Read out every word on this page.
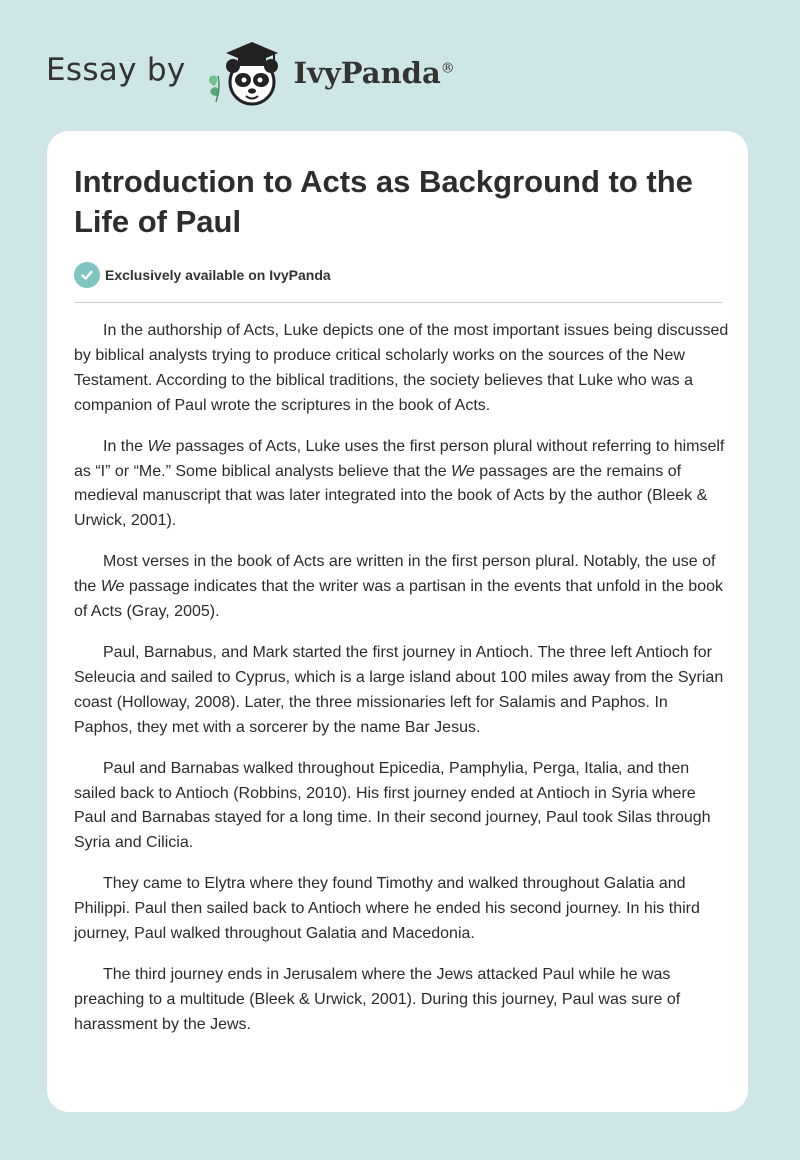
Essay by	IvyPanda®
Introduction to Acts as Background to the Life of Paul
Exclusively available on IvyPanda

In the authorship of Acts, Luke depicts one of the most important issues being discussed by biblical analysts trying to produce critical scholarly works on the sources of the New Testament. According to the biblical traditions, the society believes that Luke who was a companion of Paul wrote the scriptures in the book of Acts.

In the We passages of Acts, Luke uses the first person plural without referring to himself as “I” or “Me.” Some biblical analysts believe that the We passages are the remains of medieval manuscript that was later integrated into the book of Acts by the author (Bleek & Urwick, 2001).

Most verses in the book of Acts are written in the first person plural. Notably, the use of the We passage indicates that the writer was a partisan in the events that unfold in the book of Acts (Gray, 2005).

Paul, Barnabus, and Mark started the first journey in Antioch. The three left Antioch for Seleucia and sailed to Cyprus, which is a large island about 100 miles away from the Syrian coast (Holloway, 2008). Later, the three missionaries left for Salamis and Paphos. In Paphos, they met with a sorcerer by the name Bar Jesus.

Paul and Barnabas walked throughout Epicedia, Pamphylia, Perga, Italia, and then sailed back to Antioch (Robbins, 2010). His first journey ended at Antioch in Syria where Paul and Barnabas stayed for a long time. In their second journey, Paul took Silas through Syria and Cilicia.

They came to Elytra where they found Timothy and walked throughout Galatia and Philippi. Paul then sailed back to Antioch where he ended his second journey. In his third journey, Paul walked throughout Galatia and Macedonia.

The third journey ends in Jerusalem where the Jews attacked Paul while he was preaching to a multitude (Bleek & Urwick, 2001). During this journey, Paul was sure of harassment by the Jews.
